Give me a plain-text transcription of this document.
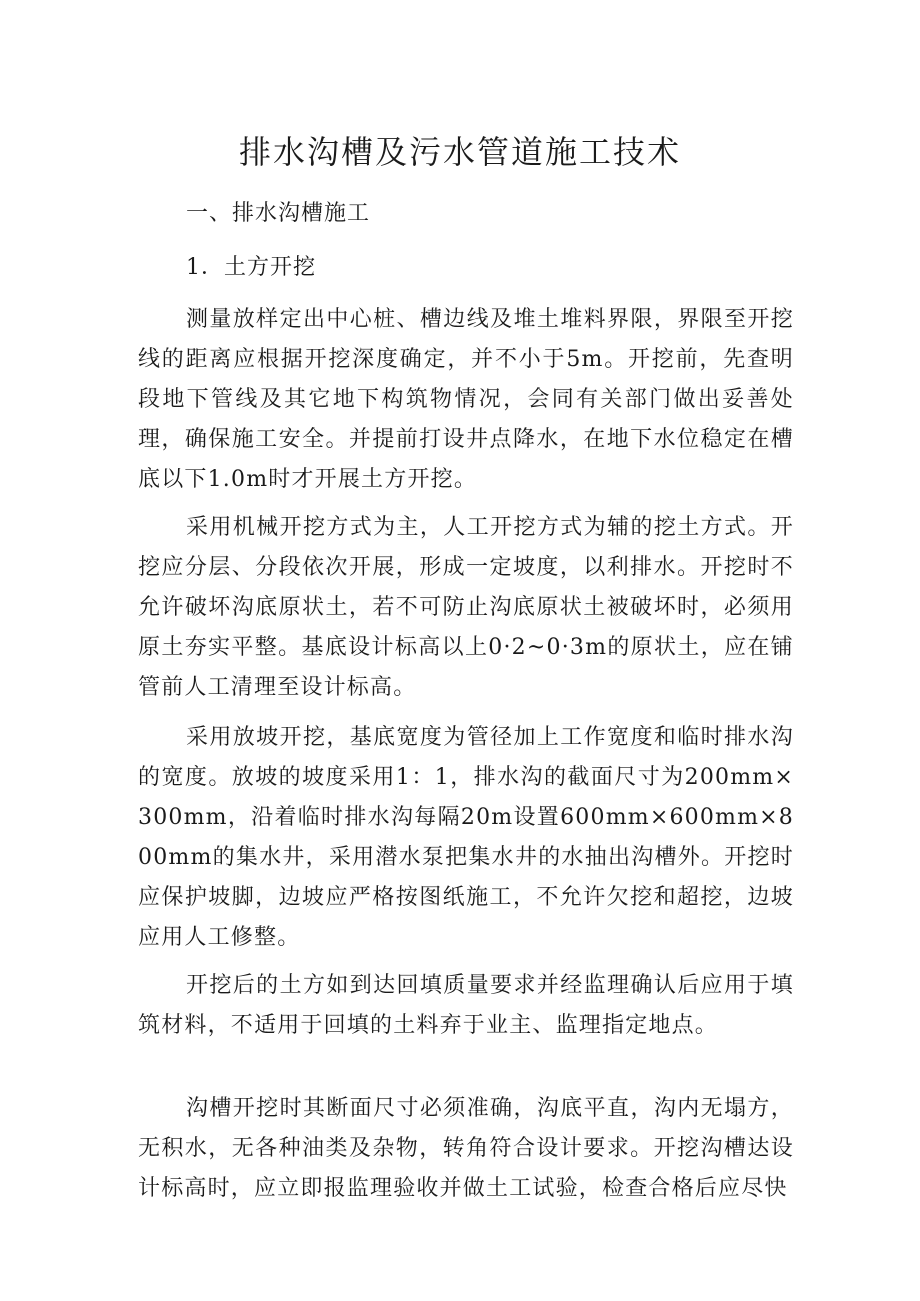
排水沟槽及污水管道施工技术

一、排水沟槽施工

1．土方开挖

测量放样定出中心桩、槽边线及堆土堆料界限，界限至开挖线的距离应根据开挖深度确定，并不小于5m。开挖前，先查明段地下管线及其它地下构筑物情况，会同有关部门做出妥善处理，确保施工安全。并提前打设井点降水，在地下水位稳定在槽底以下1.0m时才开展土方开挖。

采用机械开挖方式为主，人工开挖方式为辅的挖土方式。开挖应分层、分段依次开展，形成一定坡度，以利排水。开挖时不允许破坏沟底原状土，若不可防止沟底原状土被破坏时，必须用原土夯实平整。基底设计标高以上0·2~0·3m的原状土，应在铺管前人工清理至设计标高。

采用放坡开挖，基底宽度为管径加上工作宽度和临时排水沟的宽度。放坡的坡度采用1：1，排水沟的截面尺寸为200mm×300mm，沿着临时排水沟每隔20m设置600mm×600mm×800mm的集水井，采用潜水泵把集水井的水抽出沟槽外。开挖时应保护坡脚，边坡应严格按图纸施工，不允许欠挖和超挖，边坡应用人工修整。

开挖后的土方如到达回填质量要求并经监理确认后应用于填筑材料，不适用于回填的土料弃于业主、监理指定地点。

沟槽开挖时其断面尺寸必须准确，沟底平直，沟内无塌方，无积水，无各种油类及杂物，转角符合设计要求。开挖沟槽达设计标高时，应立即报监理验收并做土工试验，检查合格后应尽快
